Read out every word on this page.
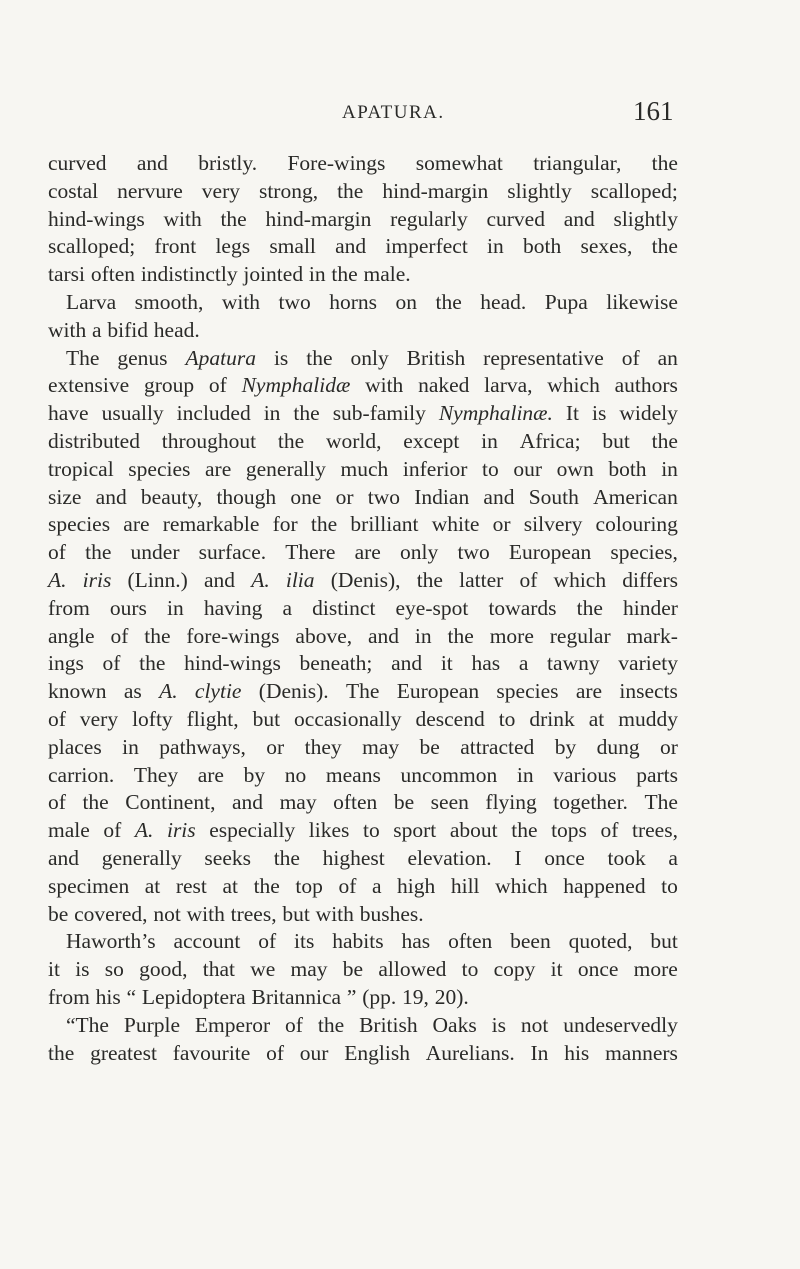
APATURA.	161
curved and bristly. Fore-wings somewhat triangular, the
costal nervure very strong, the hind-margin slightly scalloped;
hind-wings with the hind-margin regularly curved and slightly
scalloped; front legs small and imperfect in both sexes, the
tarsi often indistinctly jointed in the male.
Larva smooth, with two horns on the head. Pupa likewise
with a bifid head.
The genus Apatura is the only British representative of an
extensive group of Nymphalidæ with naked larva, which authors
have usually included in the sub-family Nymphalinæ. It is widely
distributed throughout the world, except in Africa; but the
tropical species are generally much inferior to our own both in
size and beauty, though one or two Indian and South American
species are remarkable for the brilliant white or silvery colouring
of the under surface. There are only two European species,
A. iris (Linn.) and A. ilia (Denis), the latter of which differs
from ours in having a distinct eye-spot towards the hinder
angle of the fore-wings above, and in the more regular mark-
ings of the hind-wings beneath; and it has a tawny variety
known as A. clytie (Denis). The European species are insects
of very lofty flight, but occasionally descend to drink at muddy
places in pathways, or they may be attracted by dung or
carrion. They are by no means uncommon in various parts
of the Continent, and may often be seen flying together. The
male of A. iris especially likes to sport about the tops of trees,
and generally seeks the highest elevation. I once took a
specimen at rest at the top of a high hill which happened to
be covered, not with trees, but with bushes.
Haworth’s account of its habits has often been quoted, but
it is so good, that we may be allowed to copy it once more
from his “ Lepidoptera Britannica ” (pp. 19, 20).
“The Purple Emperor of the British Oaks is not undeservedly
the greatest favourite of our English Aurelians. In his manners
